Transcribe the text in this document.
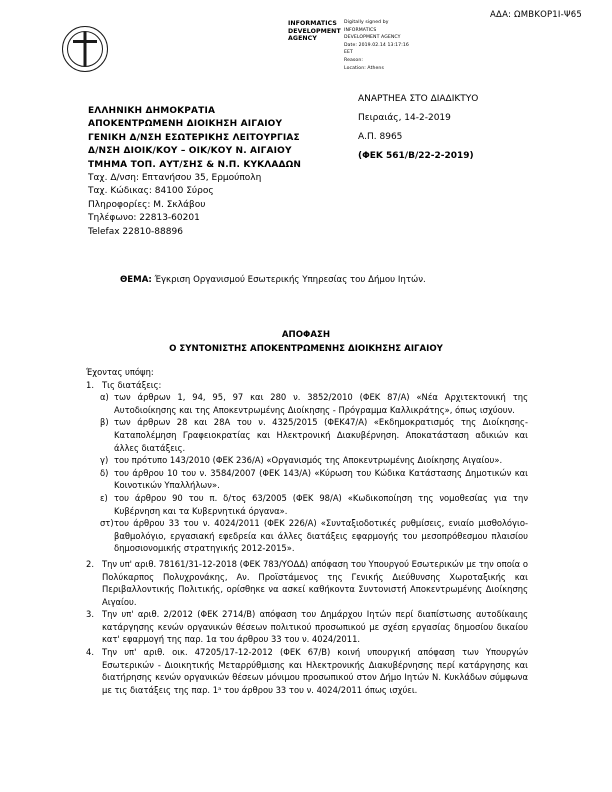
ΑΔΑ: ΩΜΒΚΟΡ1Ι-Ψ65
INFORMATICS Digitally signed by
DEVELOPMENT INFORMATICS
AGENCY	DEVELOPMENT AGENCY
Date: 2019.02.14 13:17:16
EET
Reason:
Location: Athens
ΑΝΑΡΤΗΕΑ ΣΤΟ ΔΙΑΔΙΚΤΥΟ
Πειραιάς, 14-2-2019
Α.Π. 8965
(ΦΕΚ 561/Β/22-2-2019)
ΕΛΛΗΝΙΚΗ ΔΗΜΟΚΡΑΤΙΑ
ΑΠΟΚΕΝΤΡΩΜΕΝΗ ΔΙΟΙΚΗΣΗ ΑΙΓΑΙΟΥ
ΓΕΝΙΚΗ Δ/ΝΣΗ ΕΣΩΤΕΡΙΚΗΣ ΛΕΙΤΟΥΡΓΙΑΣ
Δ/ΝΣΗ ΔΙΟΙΚ/ΚΟΥ – ΟΙΚ/ΚΟΥ Ν. ΑΙΓΑΙΟΥ
ΤΜΗΜΑ ΤΟΠ. ΑΥΤ/ΣΗΣ & Ν.Π. ΚΥΚΛΑΔΩΝ
Ταχ. Δ/νση: Επτανήσου 35, Ερμούπολη
Ταχ. Κώδικας: 84100 Σύρος
Πληροφορίες: Μ. Σκλάβου
Τηλέφωνο: 22813-60201
Telefax 22810-88896
ΘΕΜΑ: Έγκριση Οργανισμού Εσωτερικής Υπηρεσίας του Δήμου Ιητών.
ΑΠΟΦΑΣΗ
Ο ΣΥΝΤΟΝΙΣΤΗΣ ΑΠΟΚΕΝΤΡΩΜΕΝΗΣ ΔΙΟΙΚΗΣΗΣ ΑΙΓΑΙΟΥ

Έχοντας υπόψη:

1. Τις διατάξεις:
α) των άρθρων 1, 94, 95, 97 και 280 ν. 3852/2010 (ΦΕΚ 87/Α) «Νέα Αρχιτεκτονική της Αυτοδιοίκησης και της Αποκεντρωμένης Διοίκησης - Πρόγραμμα Καλλικράτης», όπως ισχύουν.
β) των άρθρων 28 και 28Α του ν. 4325/2015 (ΦΕΚ47/Α) «Εκδημοκρατισμός της Διοίκησης-Καταπολέμηση Γραφειοκρατίας και Ηλεκτρονική Διακυβέρνηση. Αποκατάσταση αδικιών και άλλες διατάξεις.
γ) του πρότυπο 143/2010 (ΦΕΚ 236/Α) «Οργανισμός της Αποκεντρωμένης Διοίκησης Αιγαίου».
δ) του άρθρου 10 του ν. 3584/2007 (ΦΕΚ 143/Α) «Κύρωση του Κώδικα Κατάστασης Δημοτικών και Κοινοτικών Υπαλλήλων».
ε) του άρθρου 90 του π. δ/τος 63/2005 (ΦΕΚ 98/Α) «Κωδικοποίηση της νομοθεσίας για την Κυβέρνηση και τα Κυβερνητικά όργανα».
στ) του άρθρου 33 του ν. 4024/2011 (ΦΕΚ 226/Α) «Συνταξιοδοτικές ρυθμίσεις, ενιαίο μισθολόγιο-βαθμολόγιο, εργασιακή εφεδρεία και άλλες διατάξεις εφαρμογής του μεσοπρόθεσμου πλαισίου δημοσιονομικής στρατηγικής 2012-2015».
2. Την υπ' αριθ. 78161/31-12-2018 (ΦΕΚ 783/ΥΟΔΔ) απόφαση του Υπουργού Εσωτερικών με την οποία ο Πολύκαρπος Πολυχρονάκης, Αν. Προϊστάμενος της Γενικής Διεύθυνσης Χωροταξικής και Περιβαλλοντικής Πολιτικής, ορίσθηκε να ασκεί καθήκοντα Συντονιστή Αποκεντρωμένης Διοίκησης Αιγαίου.
3. Την υπ' αριθ. 2/2012 (ΦΕΚ 2714/Β) απόφαση του Δημάρχου Ιητών περί διαπίστωσης αυτοδίκαιης κατάργησης κενών οργανικών θέσεων πολιτικού προσωπικού με σχέση εργασίας δημοσίου δικαίου κατ' εφαρμογή της παρ. 1α του άρθρου 33 του ν. 4024/2011.
4. Την υπ' αριθ. οικ. 47205/17-12-2012 (ΦΕΚ 67/Β) κοινή υπουργική απόφαση των Υπουργών Εσωτερικών - Διοικητικής Μεταρρύθμισης και Ηλεκτρονικής Διακυβέρνησης περί κατάργησης και διατήρησης κενών οργανικών θέσεων μόνιμου προσωπικού στον Δήμο Ιητών Ν. Κυκλάδων σύμφωνα με τις διατάξεις της παρ. 1ᵃ του άρθρου 33 του ν. 4024/2011 όπως ισχύει.
